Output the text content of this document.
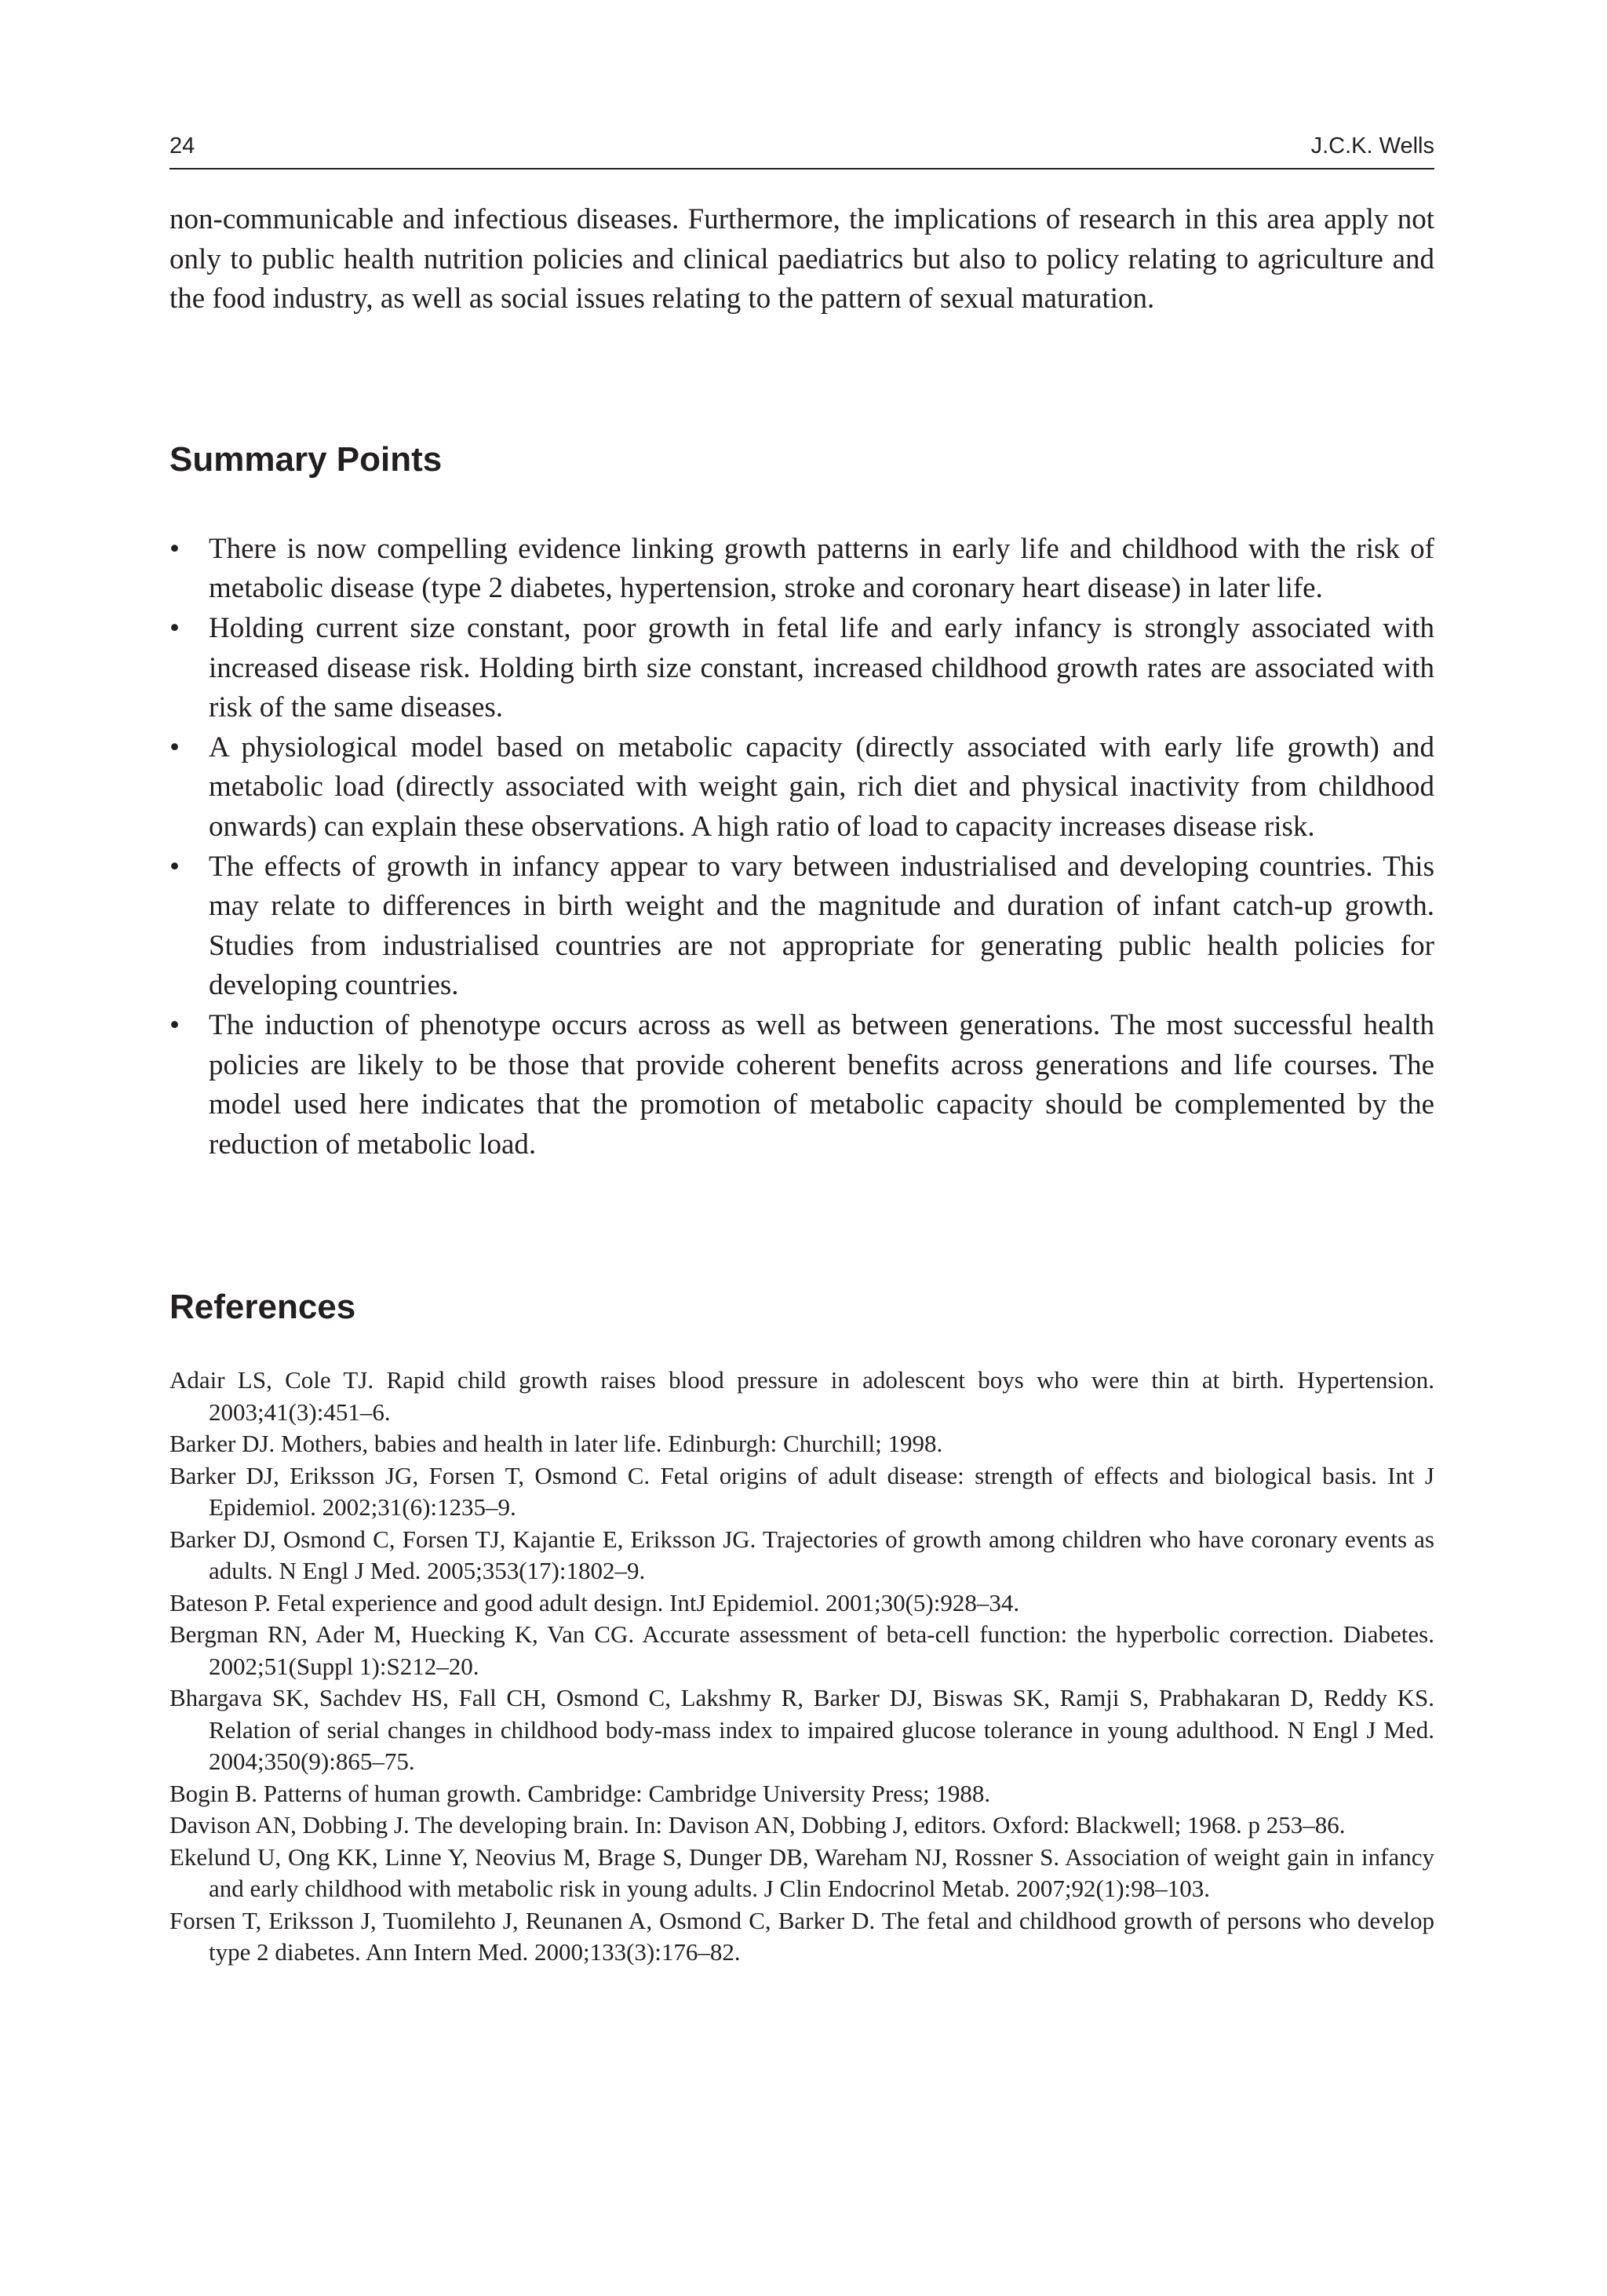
24	J.C.K. Wells

non-communicable and infectious diseases. Furthermore, the implications of research in this area apply not only to public health nutrition policies and clinical paediatrics but also to policy relating to agriculture and the food industry, as well as social issues relating to the pattern of sexual maturation.

Summary Points
• There is now compelling evidence linking growth patterns in early life and childhood with the risk of metabolic disease (type 2 diabetes, hypertension, stroke and coronary heart disease) in later life.
• Holding current size constant, poor growth in fetal life and early infancy is strongly associated with increased disease risk. Holding birth size constant, increased childhood growth rates are associated with risk of the same diseases.
• A physiological model based on metabolic capacity (directly associated with early life growth) and metabolic load (directly associated with weight gain, rich diet and physical inactivity from childhood onwards) can explain these observations. A high ratio of load to capacity increases disease risk.
• The effects of growth in infancy appear to vary between industrialised and developing countries. This may relate to differences in birth weight and the magnitude and duration of infant catch-up growth. Studies from industrialised countries are not appropriate for generating public health policies for developing countries.
• The induction of phenotype occurs across as well as between generations. The most successful health policies are likely to be those that provide coherent benefits across generations and life courses. The model used here indicates that the promotion of metabolic capacity should be complemented by the reduction of metabolic load.
References
Adair LS, Cole TJ. Rapid child growth raises blood pressure in adolescent boys who were thin at birth. Hypertension. 2003;41(3):451–6.
Barker DJ. Mothers, babies and health in later life. Edinburgh: Churchill; 1998.
Barker DJ, Eriksson JG, Forsen T, Osmond C. Fetal origins of adult disease: strength of effects and biological basis. Int J Epidemiol. 2002;31(6):1235–9.
Barker DJ, Osmond C, Forsen TJ, Kajantie E, Eriksson JG. Trajectories of growth among children who have coronary events as adults. N Engl J Med. 2005;353(17):1802–9.
Bateson P. Fetal experience and good adult design. IntJ Epidemiol. 2001;30(5):928–34.
Bergman RN, Ader M, Huecking K, Van CG. Accurate assessment of beta-cell function: the hyperbolic correction. Diabetes. 2002;51(Suppl 1):S212–20.
Bhargava SK, Sachdev HS, Fall CH, Osmond C, Lakshmy R, Barker DJ, Biswas SK, Ramji S, Prabhakaran D, Reddy KS. Relation of serial changes in childhood body-mass index to impaired glucose tolerance in young adulthood. N Engl J Med. 2004;350(9):865–75.
Bogin B. Patterns of human growth. Cambridge: Cambridge University Press; 1988.
Davison AN, Dobbing J. The developing brain. In: Davison AN, Dobbing J, editors. Oxford: Blackwell; 1968. p 253–86.
Ekelund U, Ong KK, Linne Y, Neovius M, Brage S, Dunger DB, Wareham NJ, Rossner S. Association of weight gain in infancy and early childhood with metabolic risk in young adults. J Clin Endocrinol Metab. 2007;92(1):98–103.
Forsen T, Eriksson J, Tuomilehto J, Reunanen A, Osmond C, Barker D. The fetal and childhood growth of persons who develop type 2 diabetes. Ann Intern Med. 2000;133(3):176–82.
